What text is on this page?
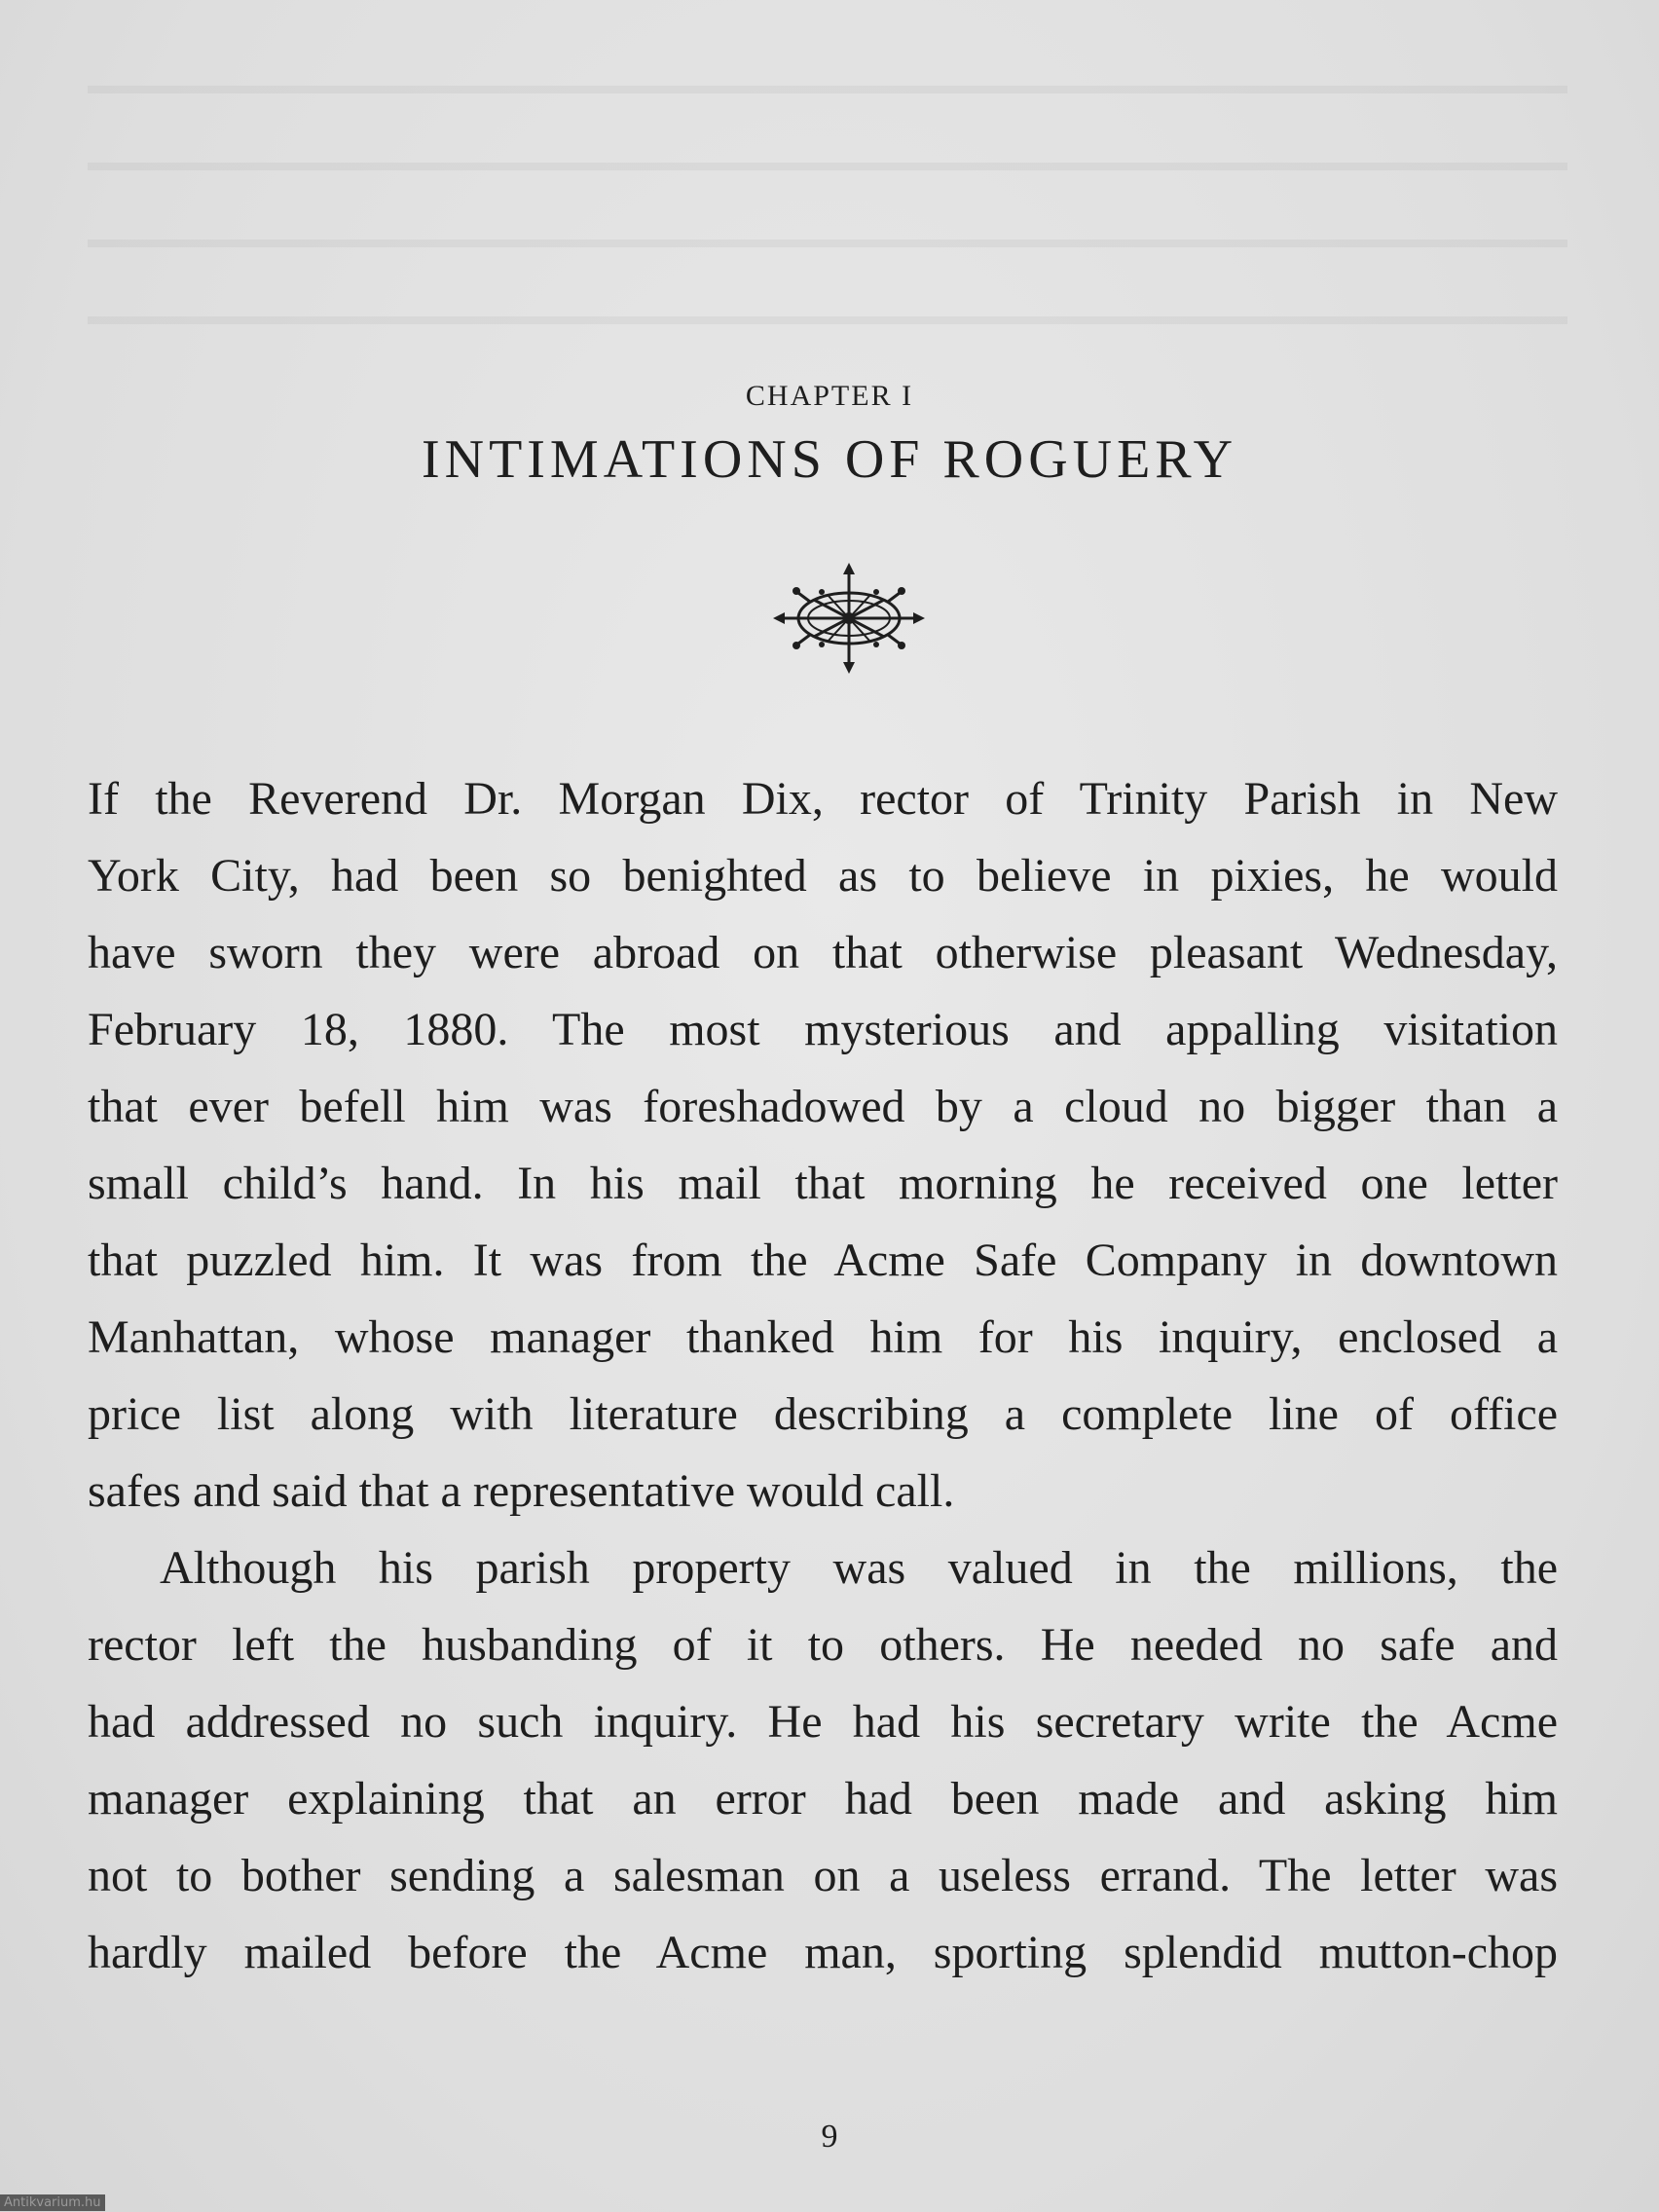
CHAPTER I
INTIMATIONS OF ROGUERY
If the Reverend Dr. Morgan Dix, rector of Trinity Parish in New
York City, had been so benighted as to believe in pixies, he would
have sworn they were abroad on that otherwise pleasant Wednesday,
February 18, 1880. The most mysterious and appalling visitation
that ever befell him was foreshadowed by a cloud no bigger than a
small child’s hand. In his mail that morning he received one letter
that puzzled him. It was from the Acme Safe Company in downtown
Manhattan, whose manager thanked him for his inquiry, enclosed a
price list along with literature describing a complete line of office
safes and said that a representative would call.
Although his parish property was valued in the millions, the
rector left the husbanding of it to others. He needed no safe and
had addressed no such inquiry. He had his secretary write the Acme
manager explaining that an error had been made and asking him
not to bother sending a salesman on a useless errand. The letter was
hardly mailed before the Acme man, sporting splendid mutton-chop
9
Antikvarium.hu
